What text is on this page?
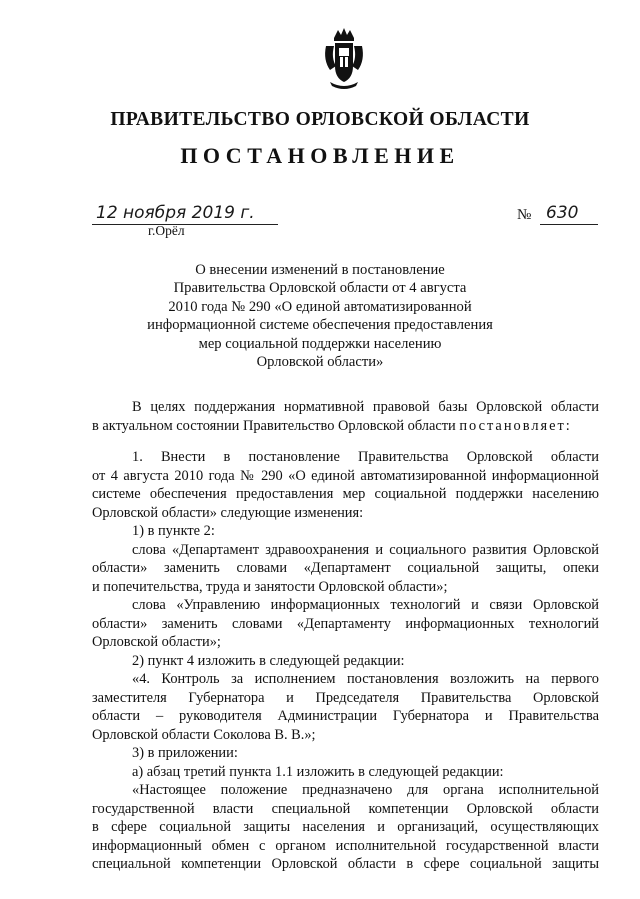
ПРАВИТЕЛЬСТВО ОРЛОВСКОЙ ОБЛАСТИ
ПОСТАНОВЛЕНИЕ
12 ноября 2019 г.
г.Орёл
№ 630
О внесении изменений в постановление
Правительства Орловской области от 4 августа
2010 года № 290 «О единой автоматизированной
информационной системе обеспечения предоставления
мер социальной поддержки населению
Орловской области»
В целях поддержания нормативной правовой базы Орловской области
в актуальном состоянии Правительство Орловской области постановляет:
1. Внести в постановление Правительства Орловской области
от 4 августа 2010 года № 290 «О единой автоматизированной информационной
системе обеспечения предоставления мер социальной поддержки населению
Орловской области» следующие изменения:
1) в пункте 2:
слова «Департамент здравоохранения и социального развития Орловской
области» заменить словами «Департамент социальной защиты, опеки
и попечительства, труда и занятости Орловской области»;
слова «Управлению информационных технологий и связи Орловской
области» заменить словами «Департаменту информационных технологий
Орловской области»;
2) пункт 4 изложить в следующей редакции:
«4. Контроль за исполнением постановления возложить на первого
заместителя Губернатора и Председателя Правительства Орловской
области – руководителя Администрации Губернатора и Правительства
Орловской области Соколова В. В.»;
3) в приложении:
а) абзац третий пункта 1.1 изложить в следующей редакции:
«Настоящее положение предназначено для органа исполнительной
государственной власти специальной компетенции Орловской области
в сфере социальной защиты населения и организаций, осуществляющих
информационный обмен с органом исполнительной государственной власти
специальной компетенции Орловской области в сфере социальной защиты
